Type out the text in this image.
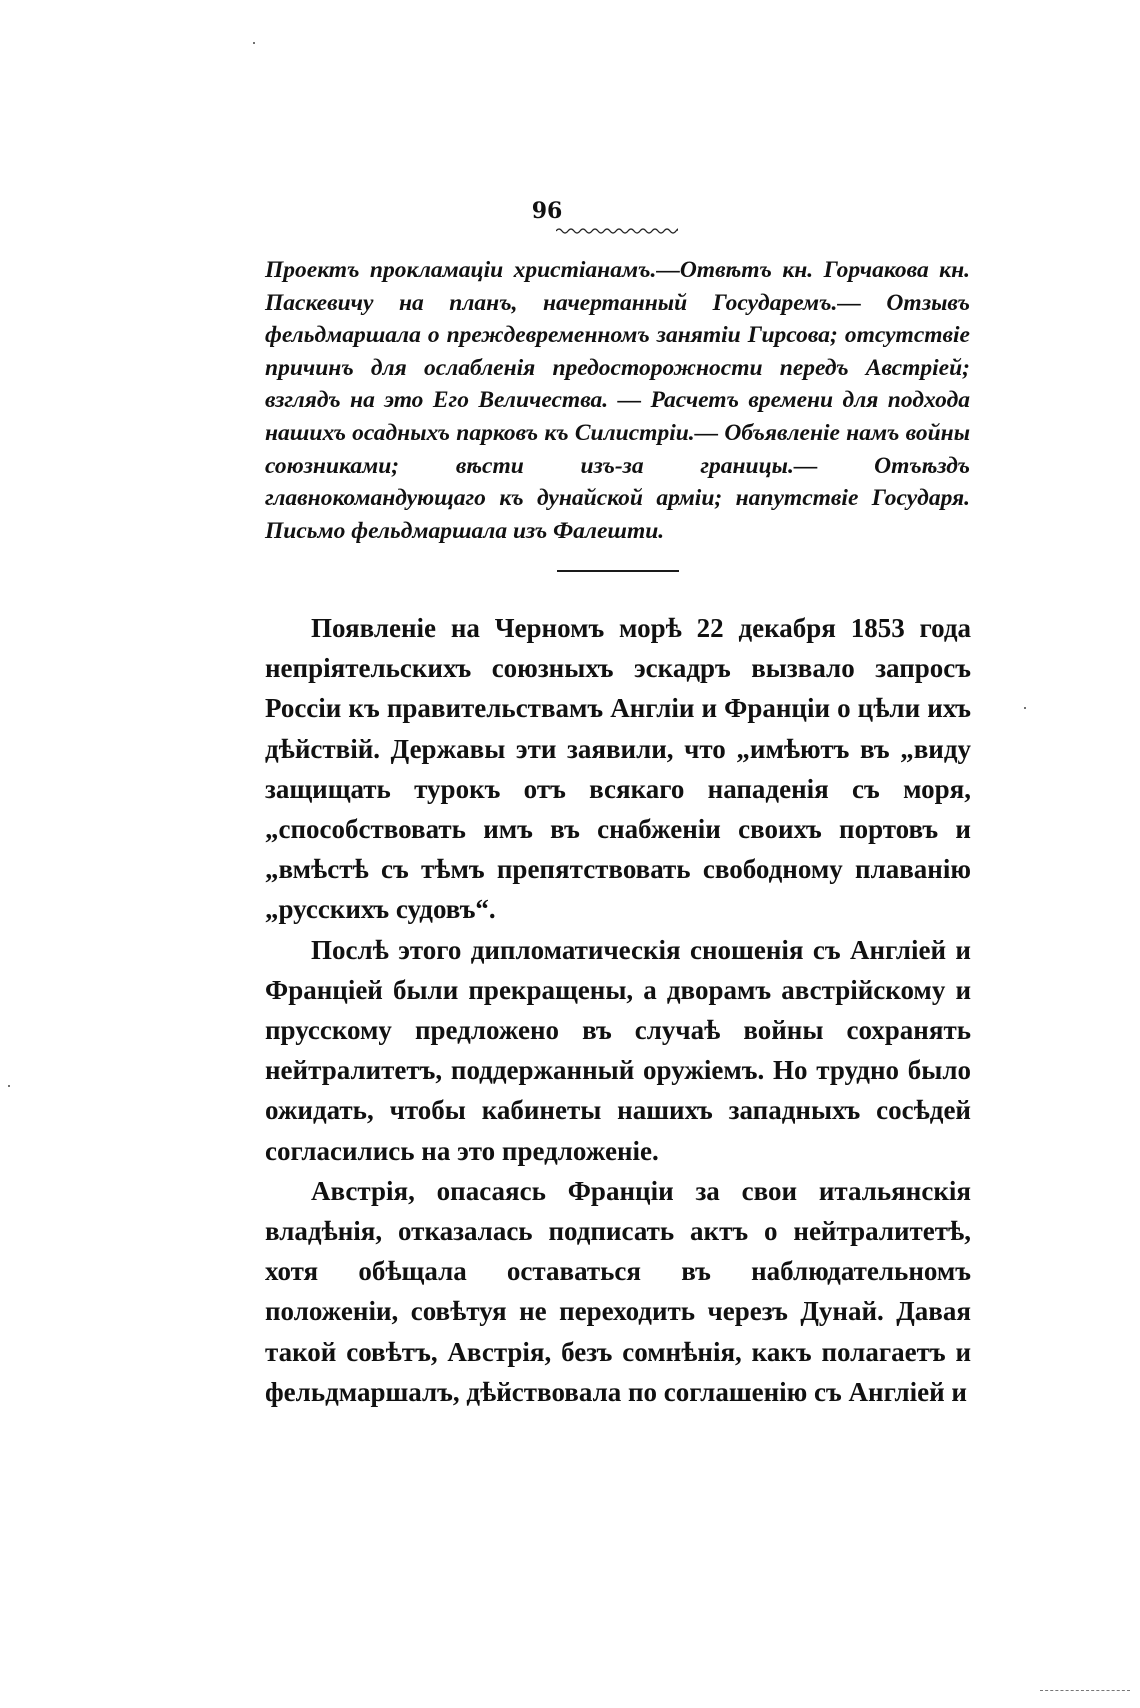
96
Проектъ прокламаціи христіанамъ.—Отвѣтъ кн. Горчакова кн. Паскевичу на планъ, начертанный Государемъ.— Отзывъ фельдмаршала о преждевременномъ занятіи Гирсова; отсутствіе причинъ для ослабленія предосторожности передъ Австріей; взглядъ на это Его Величества. — Расчетъ времени для подхода нашихъ осадныхъ парковъ къ Силистріи.— Объявленіе намъ войны союзниками; вѣсти изъ-за границы.— Отъѣздъ главнокомандующаго къ дунайской арміи; напутствіе Государя. Письмо фельдмаршала изъ Фалешти.

Появленіе на Черномъ морѣ 22 декабря 1853 года непріятельскихъ союзныхъ эскадръ вызвало запросъ Россіи къ правительствамъ Англіи и Франціи о цѣли ихъ дѣйствій. Державы эти заявили, что „имѣютъ въ „виду защищать турокъ отъ всякаго нападенія съ моря, „способствовать имъ въ снабженіи своихъ портовъ и „вмѣстѣ съ тѣмъ препятствовать свободному плаванію „русскихъ судовъ“.

Послѣ этого дипломатическія сношенія съ Англіей и Франціей были прекращены, а дворамъ австрійскому и прусскому предложено въ случаѣ войны сохранять нейтралитетъ, поддержанный оружіемъ. Но трудно было ожидать, чтобы кабинеты нашихъ западныхъ сосѣдей согласились на это предложеніе.

Австрія, опасаясь Франціи за свои итальянскія владѣнія, отказалась подписать актъ о нейтралитетѣ, хотя обѣщала оставаться въ наблюдательномъ положеніи, совѣтуя не переходить черезъ Дунай. Давая такой совѣтъ, Австрія, безъ сомнѣнія, какъ полагаетъ и фельдмаршалъ, дѣйствовала по соглашенію съ Англіей и
